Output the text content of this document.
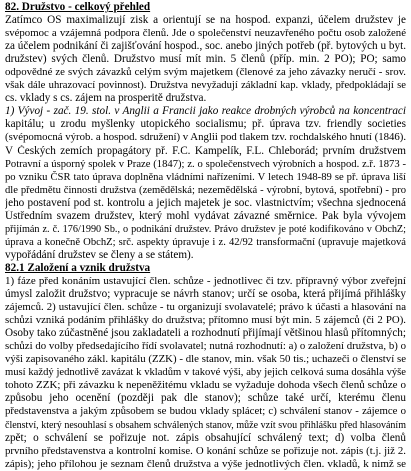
82. Družstvo - celkový přehled
Zatímco OS maximalizují zisk a orientují se na hospod. expanzi, účelem družstev je
svépomoc a vzájemná podpora členů. Jde o společenství neuzavřeného počtu osob založené
za účelem podnikání či zajišťování hospod., soc. anebo jiných potřeb (př. bytových u byt.
družstev) svých členů. Družstvo musí mít min. 5 členů (příp. min. 2 PO); PO; samo
odpovědné ze svých závazků celým svým majetkem (členové za jeho závazky neručí - srov.
však dále uhrazovací povinnost). Družstva nevyžadují základní kap. vklady, předpokládají se
cs. vklady s cs. zájem na prosperitě družstva.
1) Vývoj - zač. 19. stol. v Anglii a Francii jako reakce drobných výrobců na koncentraci
kapitálu; u zrodu myšlenky utopického socialismu; př. úprava tzv. friendly societies
(svépomocná výrob. a hospod. sdružení) v Anglii pod tlakem tzv. rochdalského hnutí (1846).
V Českých zemích propagátory př. F.C. Kampelík, F.L. Chleborád; prvním družstvem
Potravní a úsporný spolek v Praze (1847); z. o společenstvech výrobních a hospod. z.ř. 1873 -
po vzniku ČSR tato úprava doplněna vládními nařízeními. V letech 1948-89 se př. úprava liší
dle předmětu činnosti družstva (zemědělská; nezemědělská - výrobní, bytová, spotřební) - pro
jeho postavení pod st. kontrolu a jejich majetek je soc. vlastnictvím; všechna sjednocená
Ústředním svazem družstev, který mohl vydávat závazné směrnice. Pak byla vývojem
přijímán z. č. 176/1990 Sb., o podnikání družstev. Právo družstev je poté kodifikováno v ObchZ;
úprava a konečně ObchZ; srč. aspekty úpravuje i z. 42/92 transformační (upravuje majetková
vypořádání družstev se členy a se státem).
82.1 Založení a vznik družstva
1) fáze před konáním ustavující člen. schůze - jednotlivec či tzv. přípravný výbor zveřejní
úmysl založit družstvo; vypracuje se návrh stanov; určí se osoba, která přijímá přihlášky
zájemců. 2) ustavující člen. schůze - tu organizují svolavatelé; právo k účasti a hlasování na
schůzi vzniká podáním přihlášky do družstva; přítomno musí být min. 5 zájemců (či 2 PO).
Osoby tako zúčastněné jsou zakladateli a rozhodnutí přijímají většinou hlasů přítomných;
schůzi do volby předsedajícího řídí svolavatel; nutná rozhodnutí: a) o založení družstva, b) o
výši zapisovaného zákl. kapitálu (ZZK) - dle stanov, min. však 50 tis.; uchazeči o členství se
musí každý jednotlivě zavázat k vkladům v takové výši, aby jejich celková suma dosáhla výše
tohoto ZZK; při závazku k nepeněžitému vkladu se vyžaduje dohoda všech členů schůze o
způsobu jeho ocenění (později pak dle stanov); schůze také určí, kterému členu
představenstva a jakým způsobem se budou vklady splácet; c) schválení stanov - zájemce o
členství, který nesouhlasí s obsahem schválených stanov, může vzít svou přihlášku před hlasováním
zpět; o schválení se pořizuje not. zápis obsahující schválený text; d) volba členů
prvního představenstva a kontrolní komise. O konání schůze se pořizuje not. zápis (t.j. již 2.
zápis); jeho přílohou je seznam členů družstva a výše jednotlivých člen. vkladů, k nimž se
